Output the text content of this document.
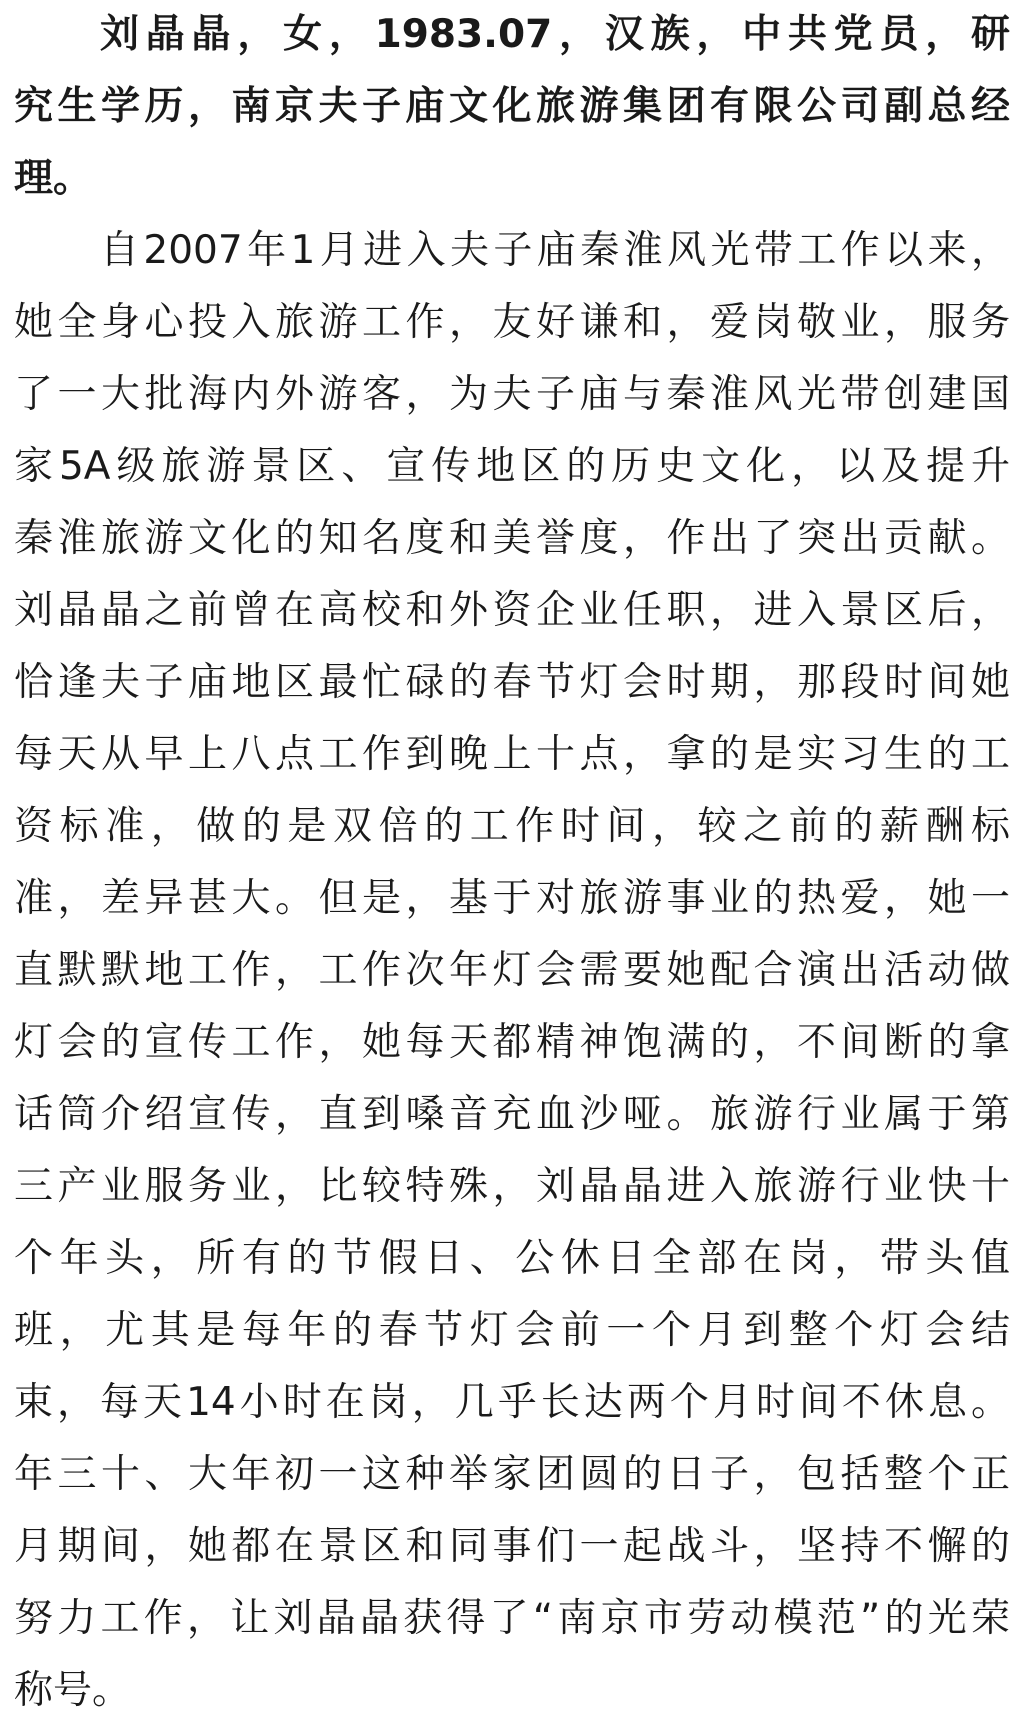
刘晶晶，女，1983.07，汉族，中共党员，研
究生学历，南京夫子庙文化旅游集团有限公司副总经
理。
自2007年1月进入夫子庙秦淮风光带工作以来，
她全身心投入旅游工作，友好谦和，爱岗敬业，服务
了一大批海内外游客，为夫子庙与秦淮风光带创建国
家5A级旅游景区、宣传地区的历史文化，以及提升
秦淮旅游文化的知名度和美誉度，作出了突出贡献。
刘晶晶之前曾在高校和外资企业任职，进入景区后，
恰逢夫子庙地区最忙碌的春节灯会时期，那段时间她
每天从早上八点工作到晚上十点，拿的是实习生的工
资标准，做的是双倍的工作时间，较之前的薪酬标
准，差异甚大。但是，基于对旅游事业的热爱，她一
直默默地工作，工作次年灯会需要她配合演出活动做
灯会的宣传工作，她每天都精神饱满的，不间断的拿
话筒介绍宣传，直到嗓音充血沙哑。旅游行业属于第
三产业服务业，比较特殊，刘晶晶进入旅游行业快十
个年头，所有的节假日、公休日全部在岗，带头值
班，尤其是每年的春节灯会前一个月到整个灯会结
束，每天14小时在岗，几乎长达两个月时间不休息。
年三十、大年初一这种举家团圆的日子，包括整个正
月期间，她都在景区和同事们一起战斗，坚持不懈的
努力工作，让刘晶晶获得了“南京市劳动模范”的光荣
称号。
